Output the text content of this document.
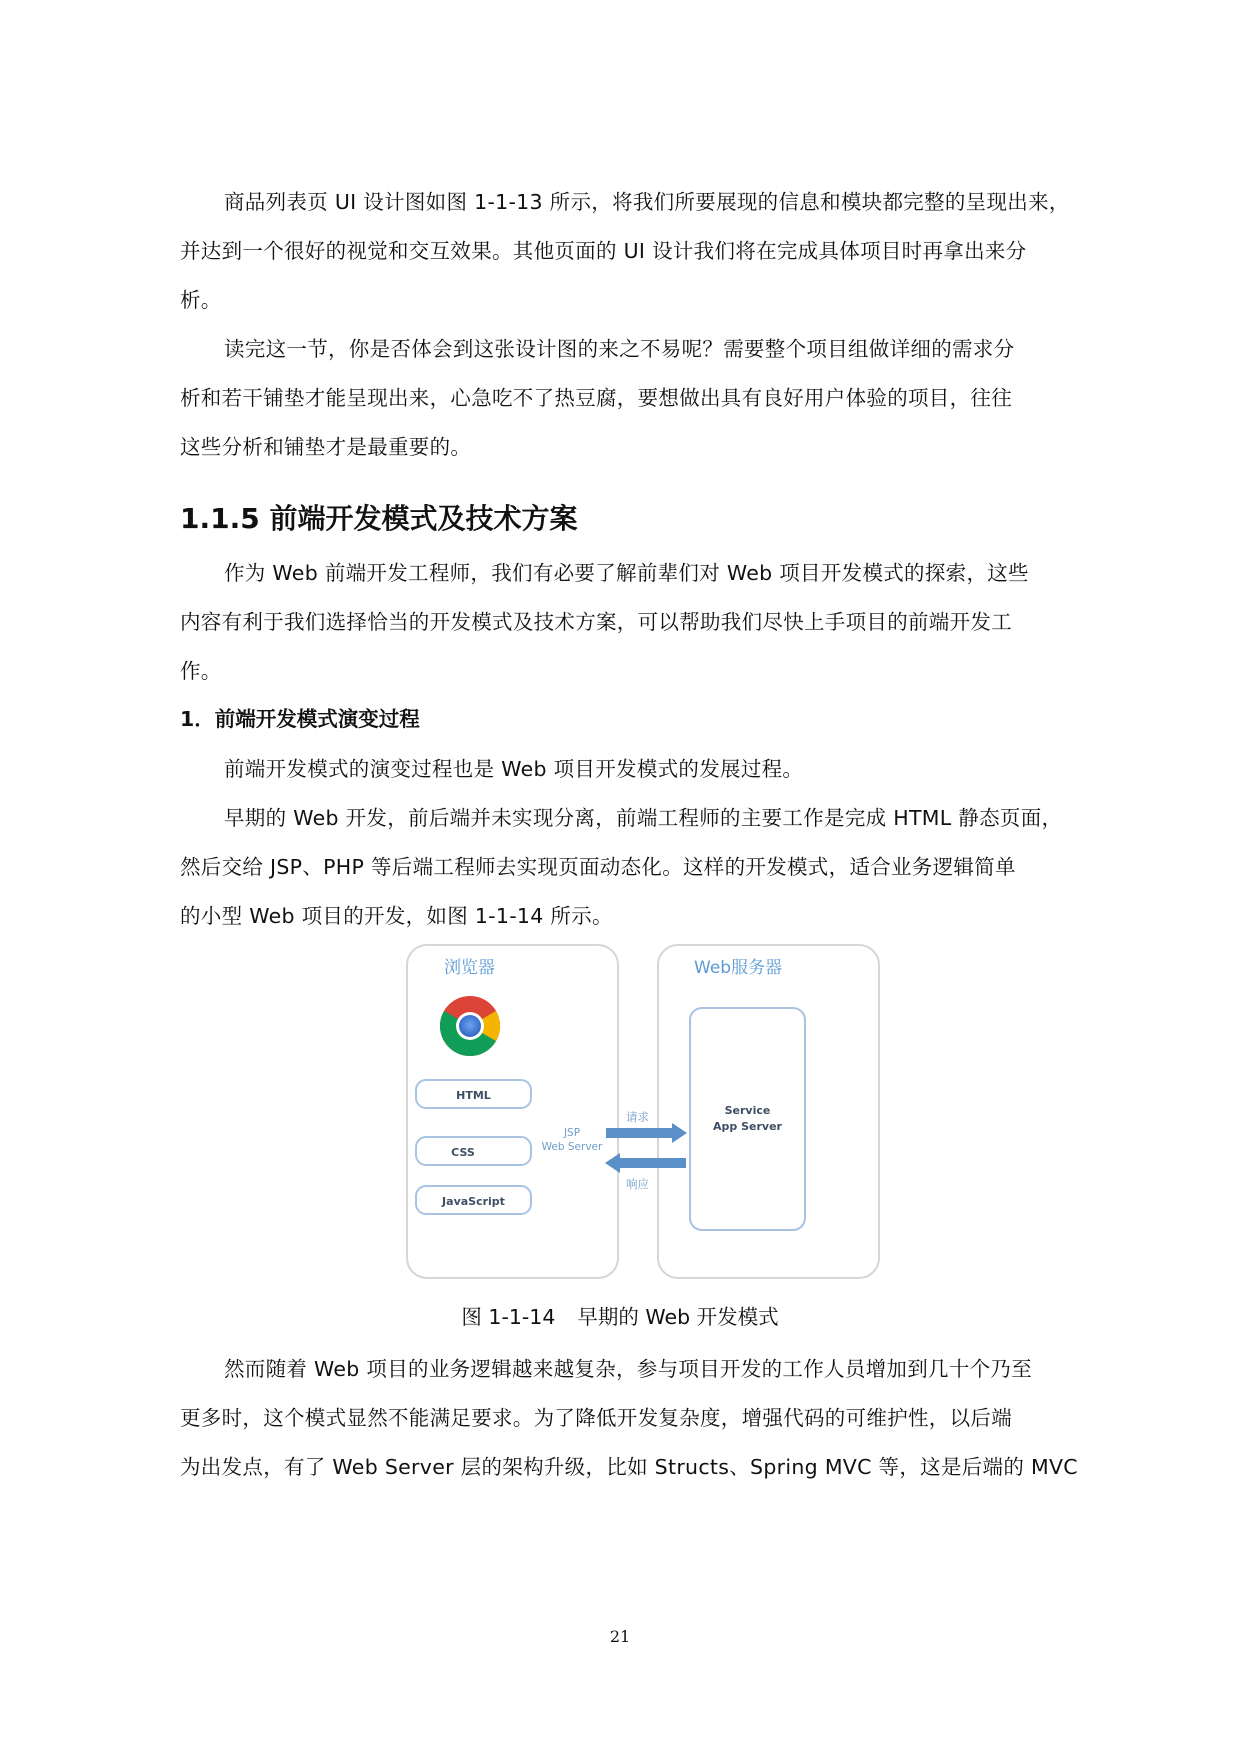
商品列表页 UI 设计图如图 1-1-13 所示，将我们所要展现的信息和模块都完整的呈现出来，
并达到一个很好的视觉和交互效果。其他页面的 UI 设计我们将在完成具体项目时再拿出来分
析。
读完这一节，你是否体会到这张设计图的来之不易呢？需要整个项目组做详细的需求分
析和若干铺垫才能呈现出来，心急吃不了热豆腐，要想做出具有良好用户体验的项目，往往
这些分析和铺垫才是最重要的。
1.1.5 前端开发模式及技术方案
作为 Web 前端开发工程师，我们有必要了解前辈们对 Web 项目开发模式的探索，这些
内容有利于我们选择恰当的开发模式及技术方案，可以帮助我们尽快上手项目的前端开发工
作。
1．前端开发模式演变过程
前端开发模式的演变过程也是 Web 项目开发模式的发展过程。
早期的 Web 开发，前后端并未实现分离，前端工程师的主要工作是完成 HTML 静态页面，
然后交给 JSP、PHP 等后端工程师去实现页面动态化。这样的开发模式，适合业务逻辑简单
的小型 Web 项目的开发，如图 1-1-14 所示。
浏览器
HTML
CSS
JavaScript
JSP
Web Server
Web服务器
Service
App Server
请求
响应
图 1-1-14 早期的 Web 开发模式
然而随着 Web 项目的业务逻辑越来越复杂，参与项目开发的工作人员增加到几十个乃至
更多时，这个模式显然不能满足要求。为了降低开发复杂度，增强代码的可维护性，以后端
为出发点，有了 Web Server 层的架构升级，比如 Structs、Spring MVC 等，这是后端的 MVC
21
